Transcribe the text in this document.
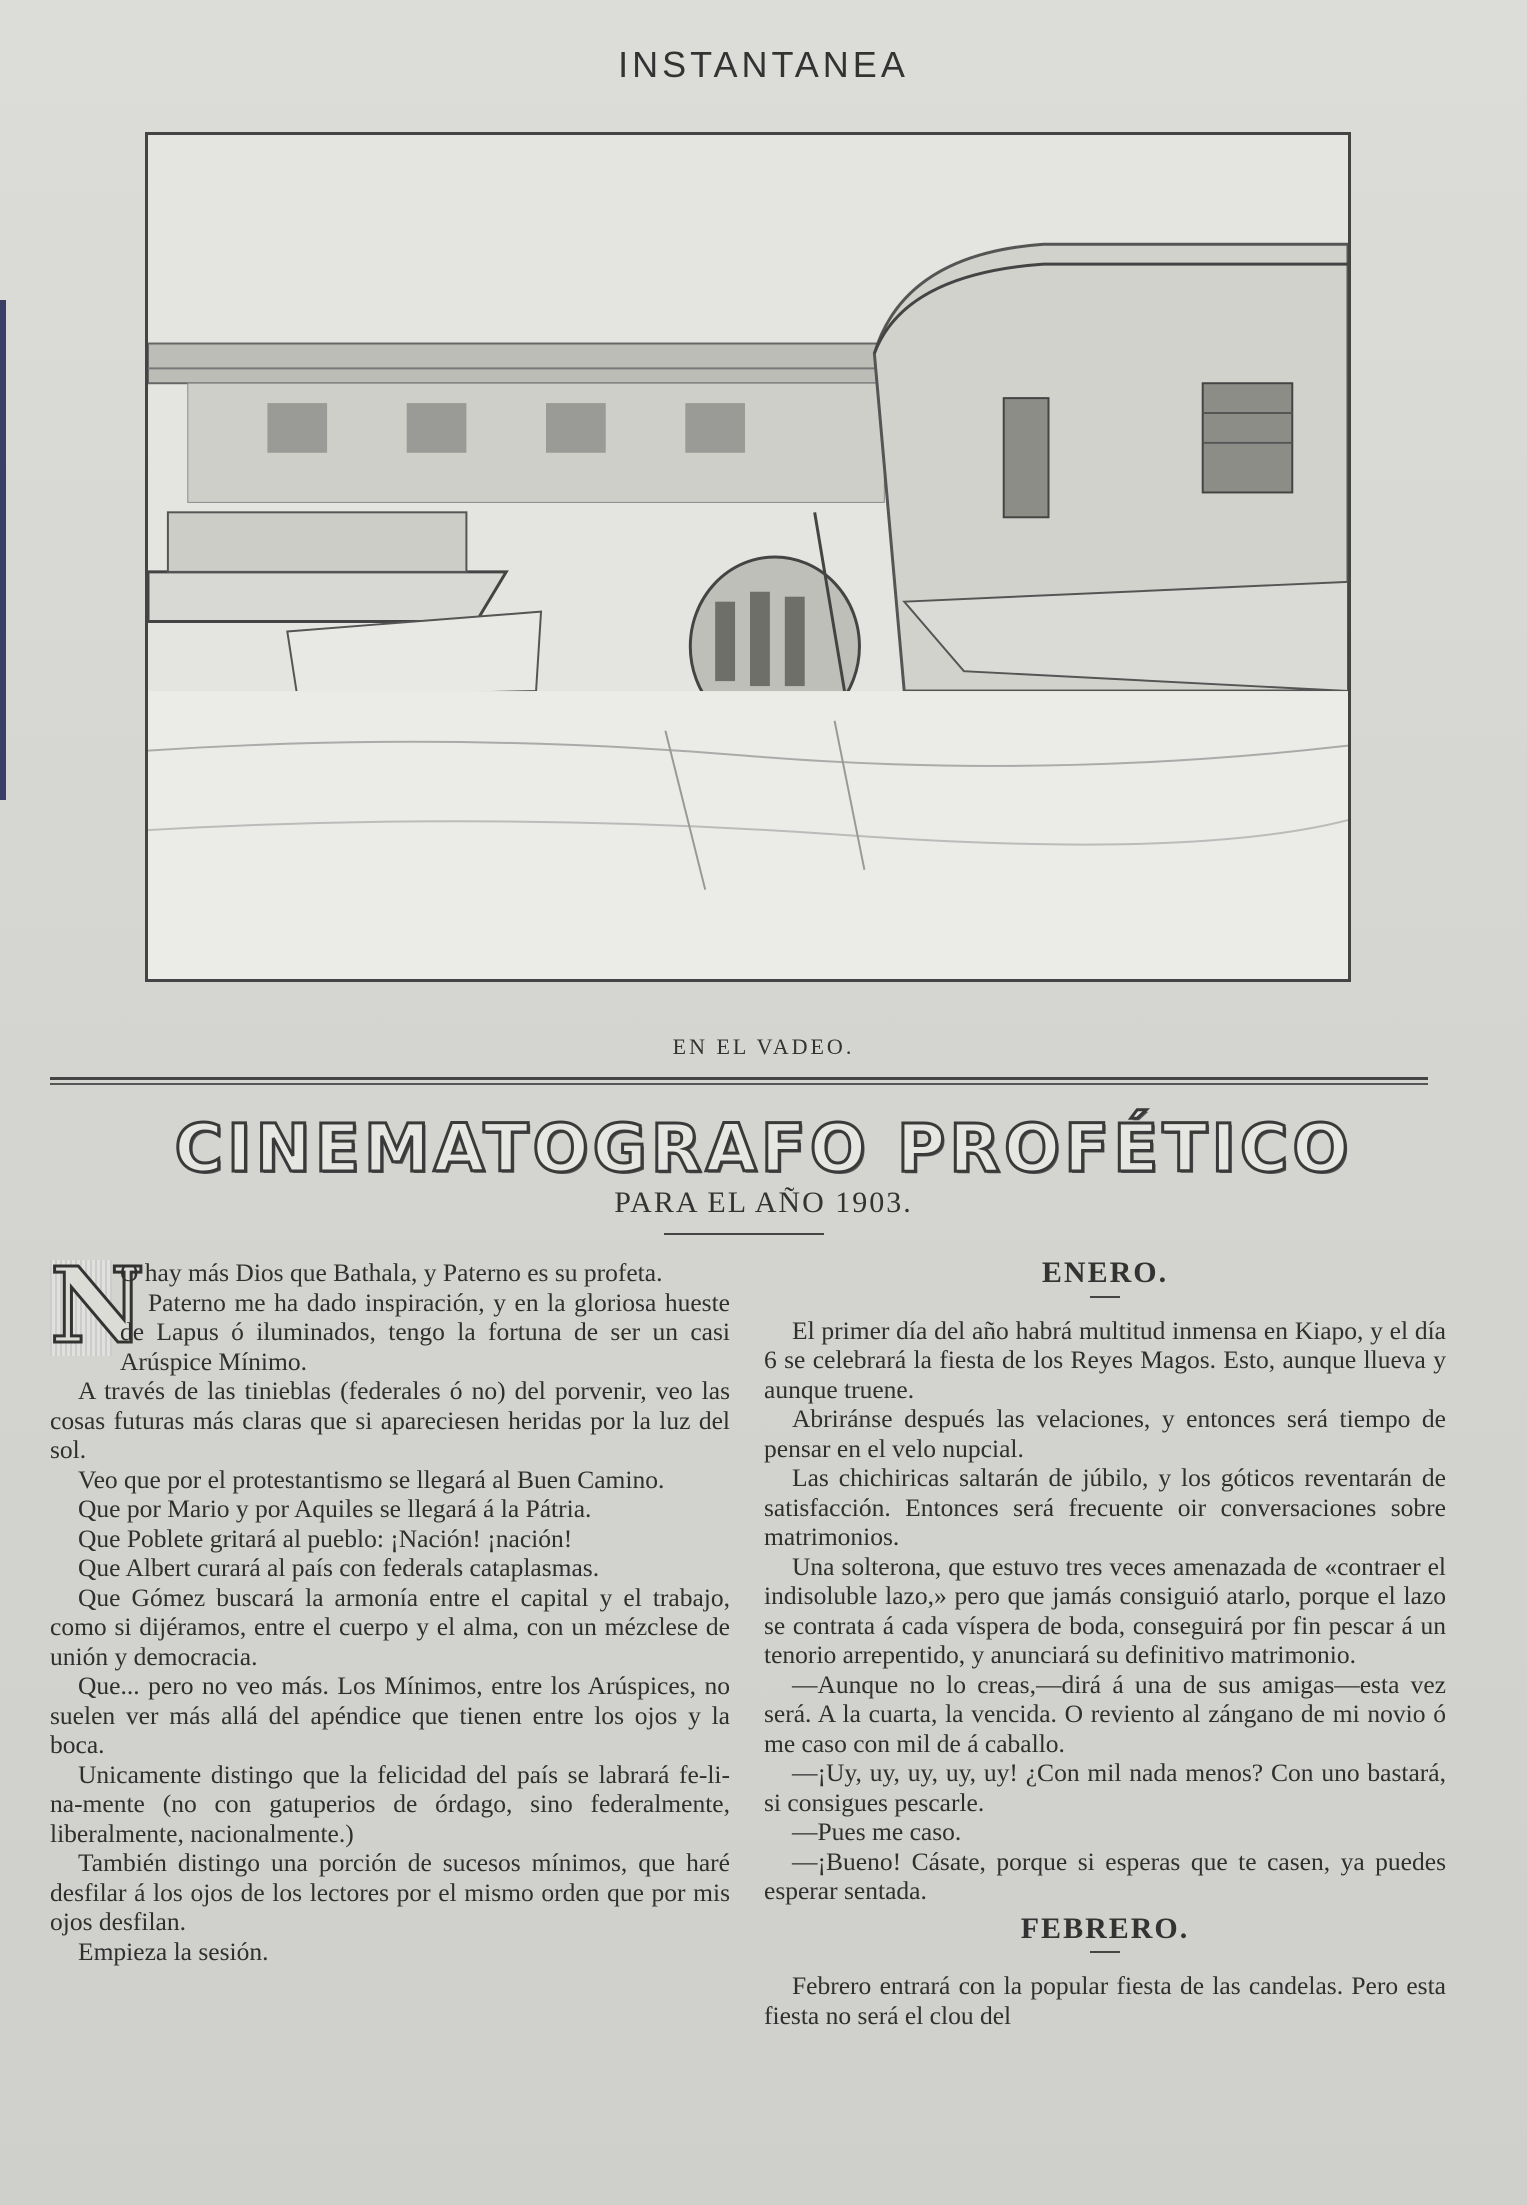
INSTANTANEA
EN EL VADEO.
CINEMATOGRAFO PROFÉTICO
PARA EL AÑO 1903.
N

O hay más Dios que Bathala, y Paterno es su profeta.

Paterno me ha dado inspiración, y en la gloriosa hueste de Lapus ó iluminados, tengo la fortuna de ser un casi Arúspice Mínimo.

A través de las tinieblas (federales ó no) del porvenir, veo las cosas futuras más claras que si apareciesen heridas por la luz del sol.

Veo que por el protestantismo se llegará al Buen Camino.

Que por Mario y por Aquiles se llegará á la Pátria.

Que Poblete gritará al pueblo: ¡Nación! ¡nación!

Que Albert curará al país con federals cataplasmas.

Que Gómez buscará la armonía entre el capital y el trabajo, como si dijéramos, entre el cuerpo y el alma, con un mézclese de unión y democracia.

Que... pero no veo más. Los Mínimos, entre los Arúspices, no suelen ver más allá del apéndice que tienen entre los ojos y la boca.

Unicamente distingo que la felicidad del país se labrará fe-li-na-mente (no con gatuperios de órdago, sino federalmente, liberalmente, nacionalmente.)

También distingo una porción de sucesos mínimos, que haré desfilar á los ojos de los lectores por el mismo orden que por mis ojos desfilan.

Empieza la sesión.

ENERO.

El primer día del año habrá multitud inmensa en Kiapo, y el día 6 se celebrará la fiesta de los Reyes Magos. Esto, aunque llueva y aunque truene.

Abriránse después las velaciones, y entonces será tiempo de pensar en el velo nupcial.

Las chichiricas saltarán de júbilo, y los góticos reventarán de satisfacción. Entonces será frecuente oir conversaciones sobre matrimonios.

Una solterona, que estuvo tres veces amenazada de «contraer el indisoluble lazo,» pero que jamás consiguió atarlo, porque el lazo se contrata á cada víspera de boda, conseguirá por fin pescar á un tenorio arrepentido, y anunciará su definitivo matrimonio.

—Aunque no lo creas,—dirá á una de sus amigas—esta vez será. A la cuarta, la vencida. O reviento al zángano de mi novio ó me caso con mil de á caballo.

—¡Uy, uy, uy, uy, uy! ¿Con mil nada menos? Con uno bastará, si consigues pescarle.

—Pues me caso.

—¡Bueno! Cásate, porque si esperas que te casen, ya puedes esperar sentada.

FEBRERO.

Febrero entrará con la popular fiesta de las candelas. Pero esta fiesta no será el clou del
